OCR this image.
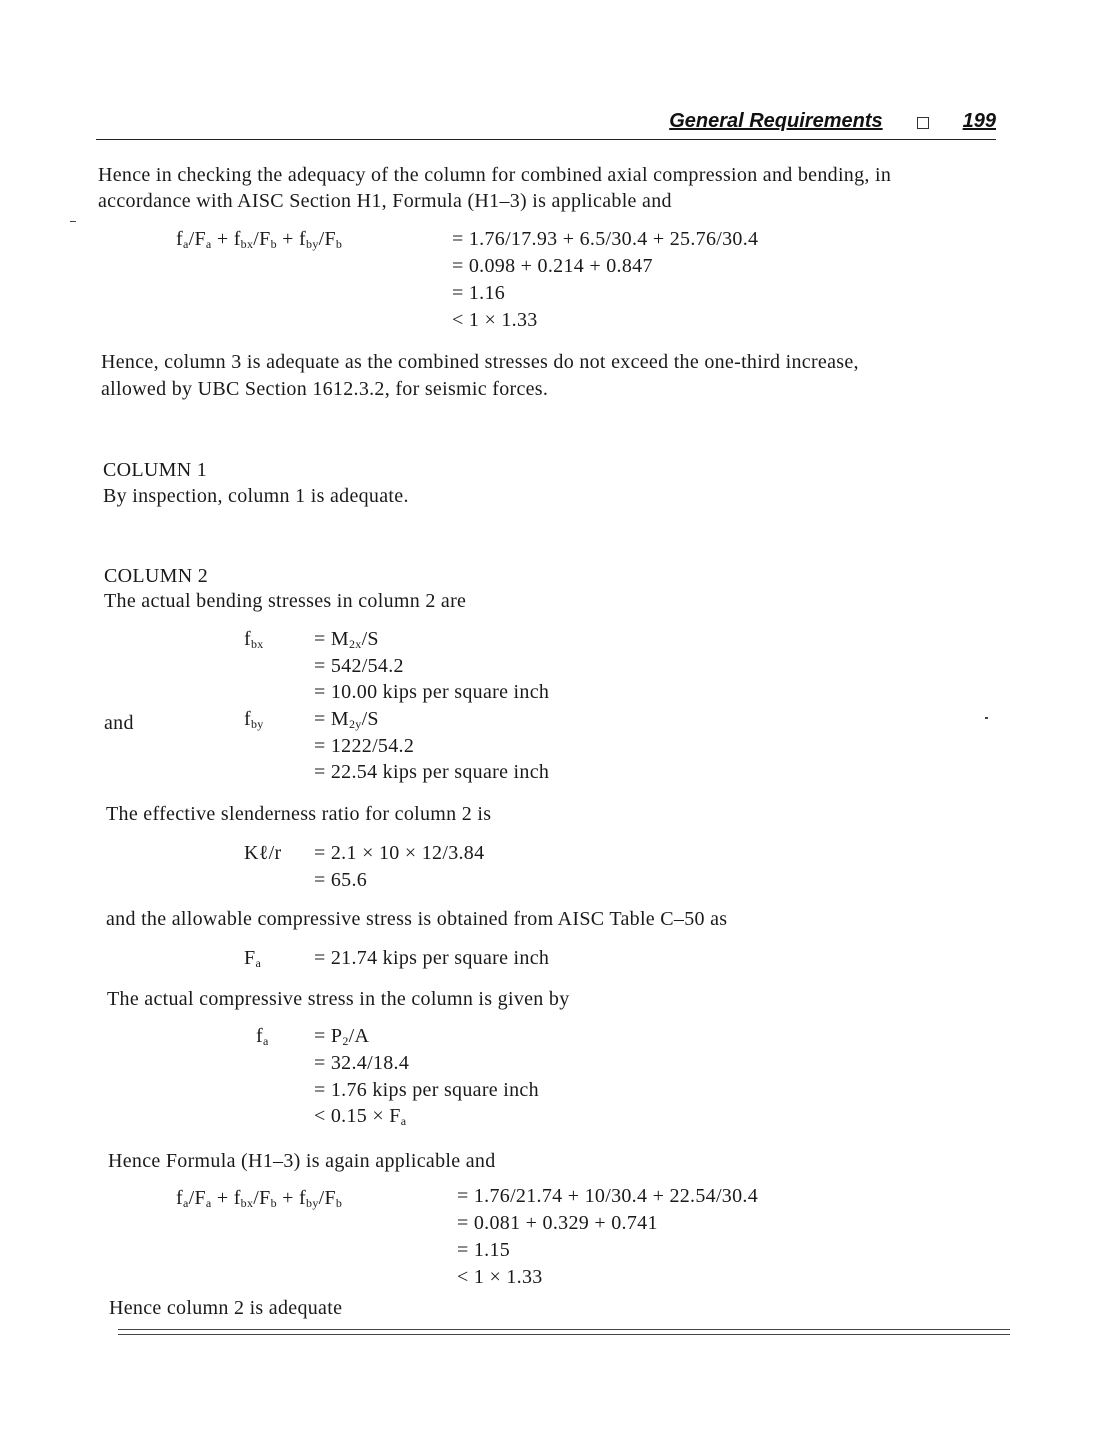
General Requirements	199
Hence in checking the adequacy of the column for combined axial compression and bending, in
accordance with AISC Section H1, Formula (H1–3) is applicable and
$f_a/F_a + f_{bx}/F_b + f_{by}/F_b$	= 1.76/17.93 + 6.5/30.4 + 25.76/30.4
= 0.098 + 0.214 + 0.847
= 1.16
< 1 × 1.33
Hence, column 3 is adequate as the combined stresses do not exceed the one-third increase,
allowed by UBC Section 1612.3.2, for seismic forces.
COLUMN 1
By inspection, column 1 is adequate.
COLUMN 2
The actual bending stresses in column 2 are
$f_{bx}$	= $M_{2x}/S$
= 542/54.2
= 10.00 kips per square inch
and	$f_{by}$	= $M_{2y}/S$
= 1222/54.2
= 22.54 kips per square inch
The effective slenderness ratio for column 2 is
Kℓ/r = 2.1 × 10 × 12/3.84
= 65.6
and the allowable compressive stress is obtained from AISC Table C–50 as
$F_a$	= 21.74 kips per square inch
The actual compressive stress in the column is given by
$f_a = P_2/A$
= 32.4/18.4
= 1.76 kips per square inch
< $0.15 \times F_a$
Hence Formula (H1–3) is again applicable and
$f_a/F_a + f_{bx}/F_b + f_{by}/F_b$	= 1.76/21.74 + 10/30.4 + 22.54/30.4
= 0.081 + 0.329 + 0.741
= 1.15
< 1 × 1.33
Hence column 2 is adequate
